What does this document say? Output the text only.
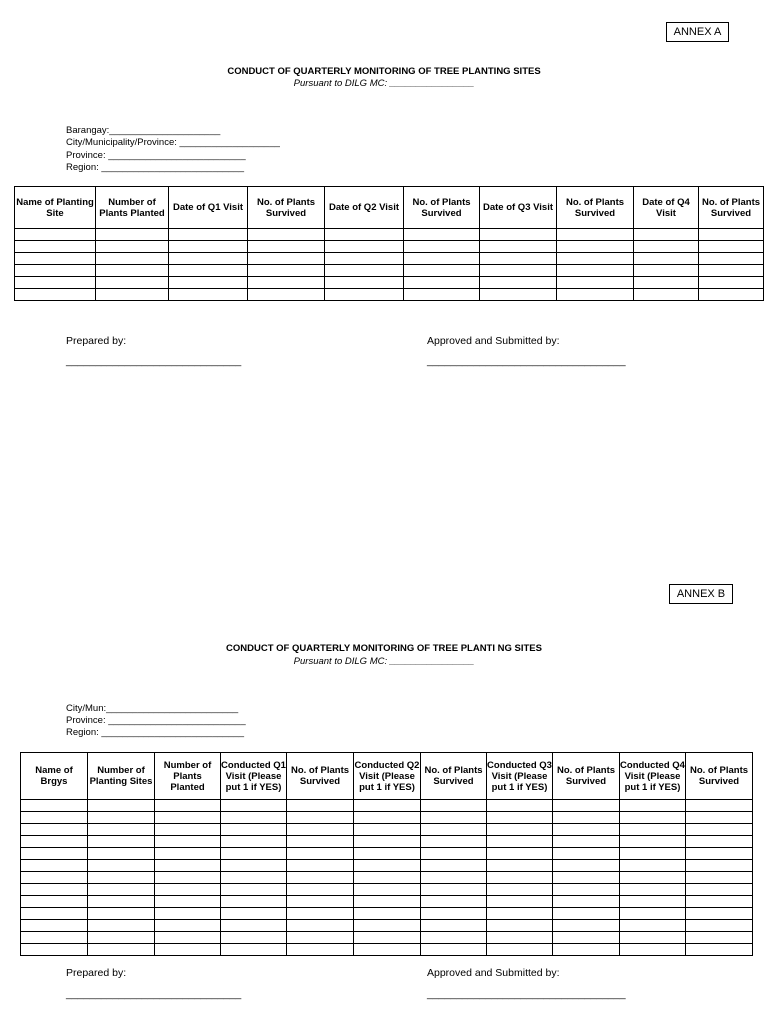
ANNEX A
CONDUCT OF QUARTERLY MONITORING OF TREE PLANTING SITES
Pursuant to DILG MC: ________________
Barangay:_____________________
City/Municipality/Province: ___________________
Province: __________________________
Region: ___________________________
Name of Planting Site	Number of Plants Planted	Date of Q1 Visit	No. of Plants Survived	Date of Q2 Visit	No. of Plants Survived	Date of Q3 Visit	No. of Plants Survived	Date of Q4 Visit	No. of Plants Survived

Prepared by:
______________________________
Approved and Submitted by:
__________________________________
ANNEX B
CONDUCT OF QUARTERLY MONITORING OF TREE PLANTI NG SITES
Pursuant to DILG MC: ________________
City/Mun:_________________________
Province: __________________________
Region: ___________________________
Name of Brgys	Number of Planting Sites	Number of Plants Planted	Conducted Q1 Visit (Please put 1 if YES)	No. of Plants Survived	Conducted Q2 Visit (Please put 1 if YES)	No. of Plants Survived	Conducted Q3 Visit (Please put 1 if YES)	No. of Plants Survived	Conducted Q4 Visit (Please put 1 if YES)	No. of Plants Survived

Prepared by:
______________________________
Approved and Submitted by:
__________________________________
